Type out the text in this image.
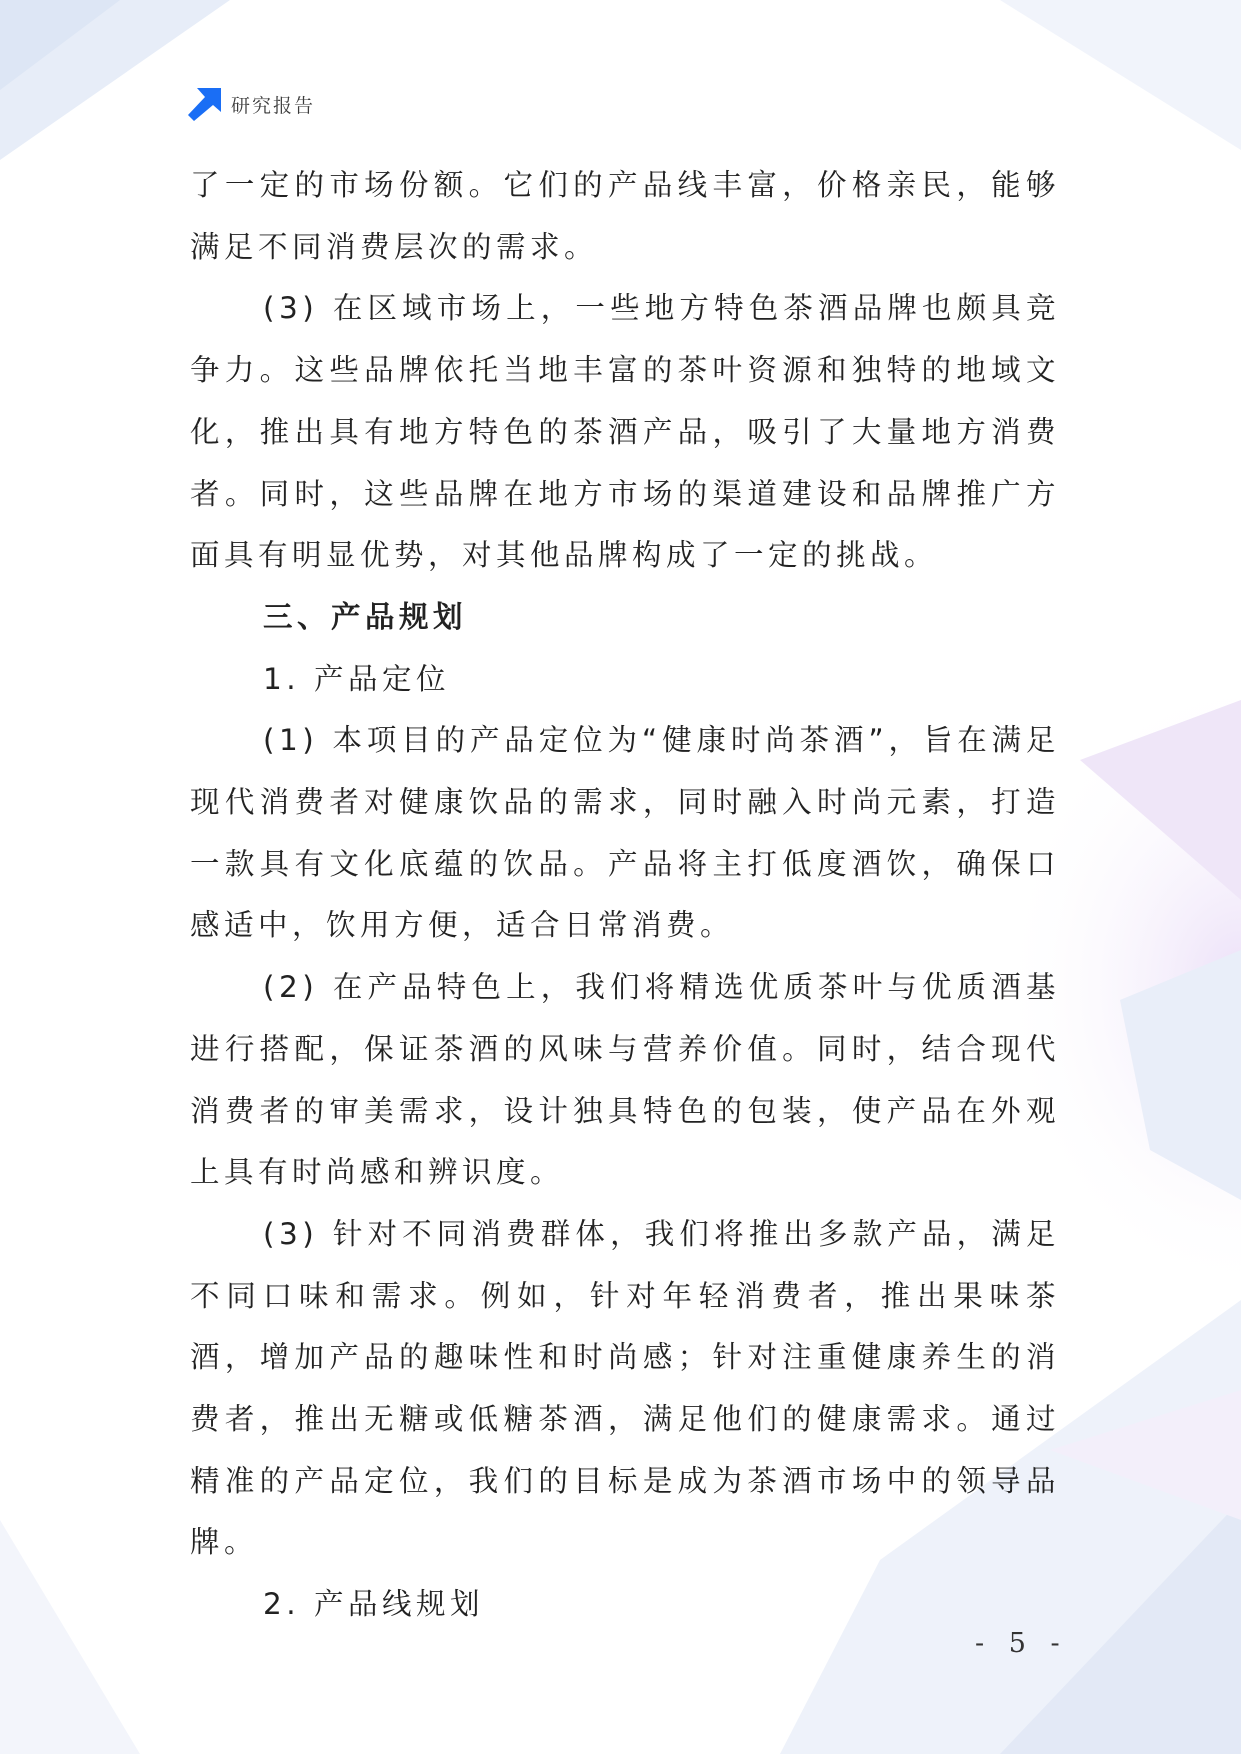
研究报告

了一定的市场份额。它们的产品线丰富，价格亲民，能够满足不同消费层次的需求。

(3) 在区域市场上，一些地方特色茶酒品牌也颇具竞争力。这些品牌依托当地丰富的茶叶资源和独特的地域文化，推出具有地方特色的茶酒产品，吸引了大量地方消费者。同时，这些品牌在地方市场的渠道建设和品牌推广方面具有明显优势，对其他品牌构成了一定的挑战。

三、产品规划

1. 产品定位

(1) 本项目的产品定位为“健康时尚茶酒”，旨在满足现代消费者对健康饮品的需求，同时融入时尚元素，打造一款具有文化底蕴的饮品。产品将主打低度酒饮，确保口感适中，饮用方便，适合日常消费。

(2) 在产品特色上，我们将精选优质茶叶与优质酒基进行搭配，保证茶酒的风味与营养价值。同时，结合现代消费者的审美需求，设计独具特色的包装，使产品在外观上具有时尚感和辨识度。

(3) 针对不同消费群体，我们将推出多款产品，满足不同口味和需求。例如，针对年轻消费者，推出果味茶酒，增加产品的趣味性和时尚感；针对注重健康养生的消费者，推出无糖或低糖茶酒，满足他们的健康需求。通过精准的产品定位，我们的目标是成为茶酒市场中的领导品牌。

2. 产品线规划

- 5 -
